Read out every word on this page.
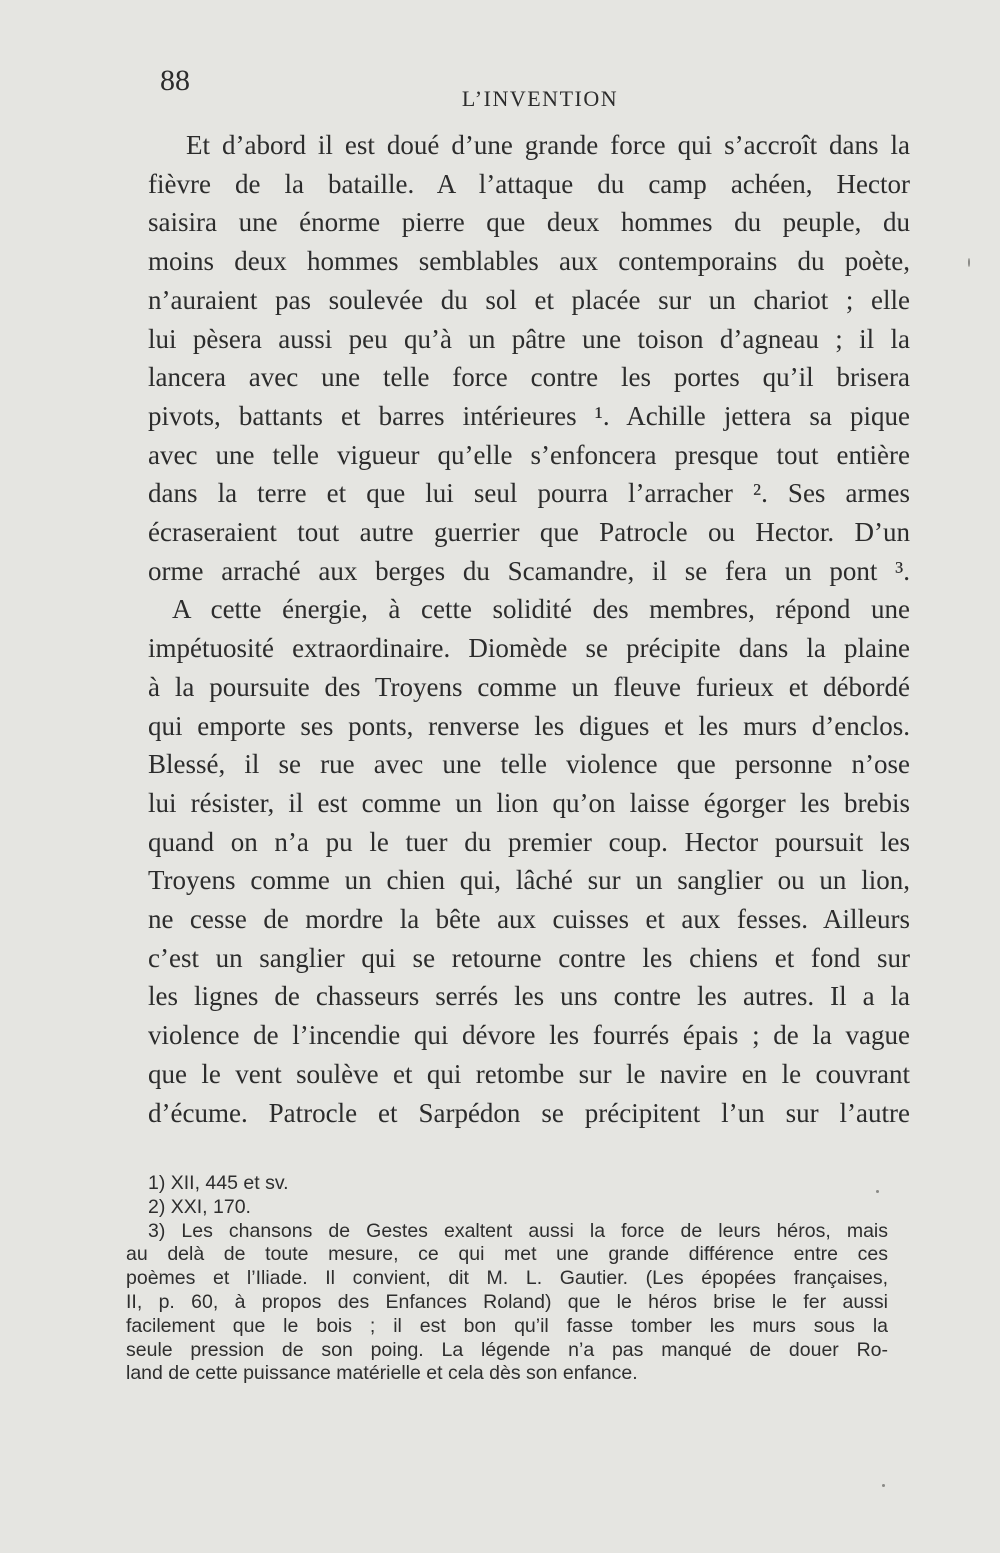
88
L’INVENTION
Et d’abord il est doué d’une grande force qui s’accroît dans la
fièvre de la bataille. A l’attaque du camp achéen, Hector
saisira une énorme pierre que deux hommes du peuple, du
moins deux hommes semblables aux contemporains du poète,
n’auraient pas soulevée du sol et placée sur un chariot ; elle
lui pèsera aussi peu qu’à un pâtre une toison d’agneau ; il la
lancera avec une telle force contre les portes qu’il brisera
pivots, battants et barres intérieures ¹. Achille jettera sa pique
avec une telle vigueur qu’elle s’enfoncera presque tout entière
dans la terre et que lui seul pourra l’arracher ². Ses armes
écraseraient tout autre guerrier que Patrocle ou Hector. D’un
orme arraché aux berges du Scamandre, il se fera un pont ³.
A cette énergie, à cette solidité des membres, répond une
impétuosité extraordinaire. Diomède se précipite dans la plaine
à la poursuite des Troyens comme un fleuve furieux et débordé
qui emporte ses ponts, renverse les digues et les murs d’enclos.
Blessé, il se rue avec une telle violence que personne n’ose
lui résister, il est comme un lion qu’on laisse égorger les brebis
quand on n’a pu le tuer du premier coup. Hector poursuit les
Troyens comme un chien qui, lâché sur un sanglier ou un lion,
ne cesse de mordre la bête aux cuisses et aux fesses. Ailleurs
c’est un sanglier qui se retourne contre les chiens et fond sur
les lignes de chasseurs serrés les uns contre les autres. Il a la
violence de l’incendie qui dévore les fourrés épais ; de la vague
que le vent soulève et qui retombe sur le navire en le couvrant
d’écume. Patrocle et Sarpédon se précipitent l’un sur l’autre
1) XII, 445 et sv.
2) XXI, 170.
3) Les chansons de Gestes exaltent aussi la force de leurs héros, mais
au delà de toute mesure, ce qui met une grande différence entre ces
poèmes et l’Iliade. Il convient, dit M. L. Gautier. (Les épopées françaises,
II, p. 60, à propos des Enfances Roland) que le héros brise le fer aussi
facilement que le bois ; il est bon qu’il fasse tomber les murs sous la
seule pression de son poing. La légende n’a pas manqué de douer Ro-
land de cette puissance matérielle et cela dès son enfance.
